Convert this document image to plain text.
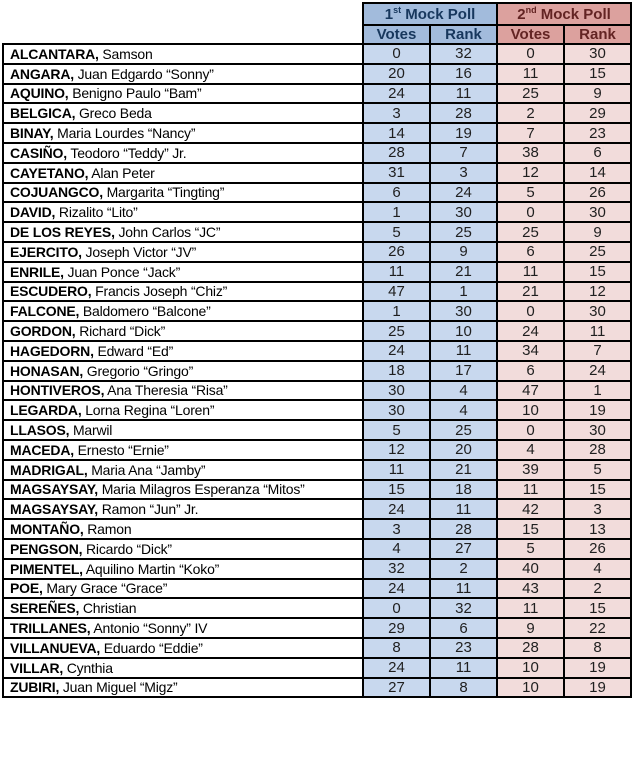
	1st Mock Poll		2nd Mock Poll	
	Votes	Rank	Votes	Rank
ALCANTARA, Samson	0	32	0	30
ANGARA, Juan Edgardo “Sonny”	20	16	11	15
AQUINO, Benigno Paulo “Bam”	24	11	25	9
BELGICA, Greco Beda	3	28	2	29
BINAY, Maria Lourdes “Nancy”	14	19	7	23
CASIÑO, Teodoro “Teddy” Jr.	28	7	38	6
CAYETANO, Alan Peter	31	3	12	14
COJUANGCO, Margarita “Tingting”	6	24	5	26
DAVID, Rizalito “Lito”	1	30	0	30
DE LOS REYES, John Carlos “JC”	5	25	25	9
EJERCITO, Joseph Victor “JV”	26	9	6	25
ENRILE, Juan Ponce “Jack”	11	21	11	15
ESCUDERO, Francis Joseph “Chiz”	47	1	21	12
FALCONE, Baldomero “Balcone”	1	30	0	30
GORDON, Richard “Dick”	25	10	24	11
HAGEDORN, Edward “Ed”	24	11	34	7
HONASAN, Gregorio “Gringo”	18	17	6	24
HONTIVEROS, Ana Theresia “Risa”	30	4	47	1
LEGARDA, Lorna Regina “Loren”	30	4	10	19
LLASOS, Marwil	5	25	0	30
MACEDA, Ernesto “Ernie”	12	20	4	28
MADRIGAL, Maria Ana “Jamby”	11	21	39	5
MAGSAYSAY, Maria Milagros Esperanza “Mitos”	15	18	11	15
MAGSAYSAY, Ramon “Jun” Jr.	24	11	42	3
MONTAÑO, Ramon	3	28	15	13
PENGSON, Ricardo “Dick”	4	27	5	26
PIMENTEL, Aquilino Martin “Koko”	32	2	40	4
POE, Mary Grace “Grace”	24	11	43	2
SEREÑES, Christian	0	32	11	15
TRILLANES, Antonio “Sonny” IV	29	6	9	22
VILLANUEVA, Eduardo “Eddie”	8	23	28	8
VILLAR, Cynthia	24	11	10	19
ZUBIRI, Juan Miguel “Migz”	27	8	10	19
